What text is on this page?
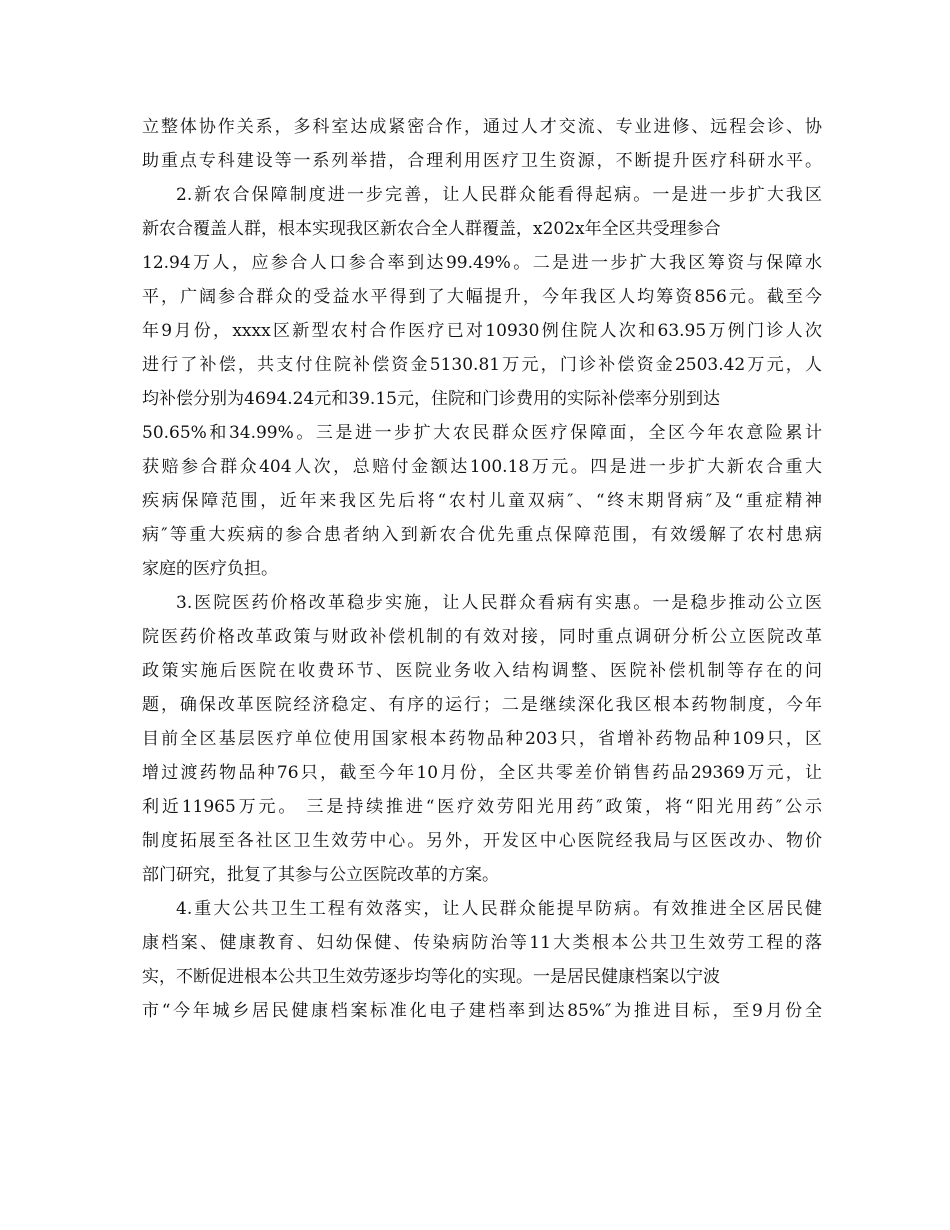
立整体协作关系，多科室达成紧密合作，通过人才交流、专业进修、远程会诊、协
助重点专科建设等一系列举措，合理利用医疗卫生资源，不断提升医疗科研水平。
2.新农合保障制度进一步完善，让人民群众能看得起病。一是进一步扩大我区
新农合覆盖人群，根本实现我区新农合全人群覆盖，x202x年全区共受理参合
12.94万人，应参合人口参合率到达99.49%。二是进一步扩大我区筹资与保障水
平，广阔参合群众的受益水平得到了大幅提升，今年我区人均筹资856元。截至今
年9月份，xxxx区新型农村合作医疗已对10930例住院人次和63.95万例门诊人次
进行了补偿，共支付住院补偿资金5130.81万元，门诊补偿资金2503.42万元，人
均补偿分别为4694.24元和39.15元，住院和门诊费用的实际补偿率分别到达
50.65%和34.99%。三是进一步扩大农民群众医疗保障面，全区今年农意险累计
获赔参合群众404人次，总赔付金额达100.18万元。四是进一步扩大新农合重大
疾病保障范围，近年来我区先后将“农村儿童双病″、“终末期肾病″及“重症精神
病″等重大疾病的参合患者纳入到新农合优先重点保障范围，有效缓解了农村患病
家庭的医疗负担。
3.医院医药价格改革稳步实施，让人民群众看病有实惠。一是稳步推动公立医
院医药价格改革政策与财政补偿机制的有效对接，同时重点调研分析公立医院改革
政策实施后医院在收费环节、医院业务收入结构调整、医院补偿机制等存在的问
题，确保改革医院经济稳定、有序的运行；二是继续深化我区根本药物制度，今年
目前全区基层医疗单位使用国家根本药物品种203只，省增补药物品种109只，区
增过渡药物品种76只，截至今年10月份，全区共零差价销售药品29369万元，让
利近11965万元。 三是持续推进“医疗效劳阳光用药″政策，将“阳光用药″公示
制度拓展至各社区卫生效劳中心。另外，开发区中心医院经我局与区医改办、物价
部门研究，批复了其参与公立医院改革的方案。
4.重大公共卫生工程有效落实，让人民群众能提早防病。有效推进全区居民健
康档案、健康教育、妇幼保健、传染病防治等11大类根本公共卫生效劳工程的落
实，不断促进根本公共卫生效劳逐步均等化的实现。一是居民健康档案以宁波
市“今年城乡居民健康档案标准化电子建档率到达85%″为推进目标，至9月份全
